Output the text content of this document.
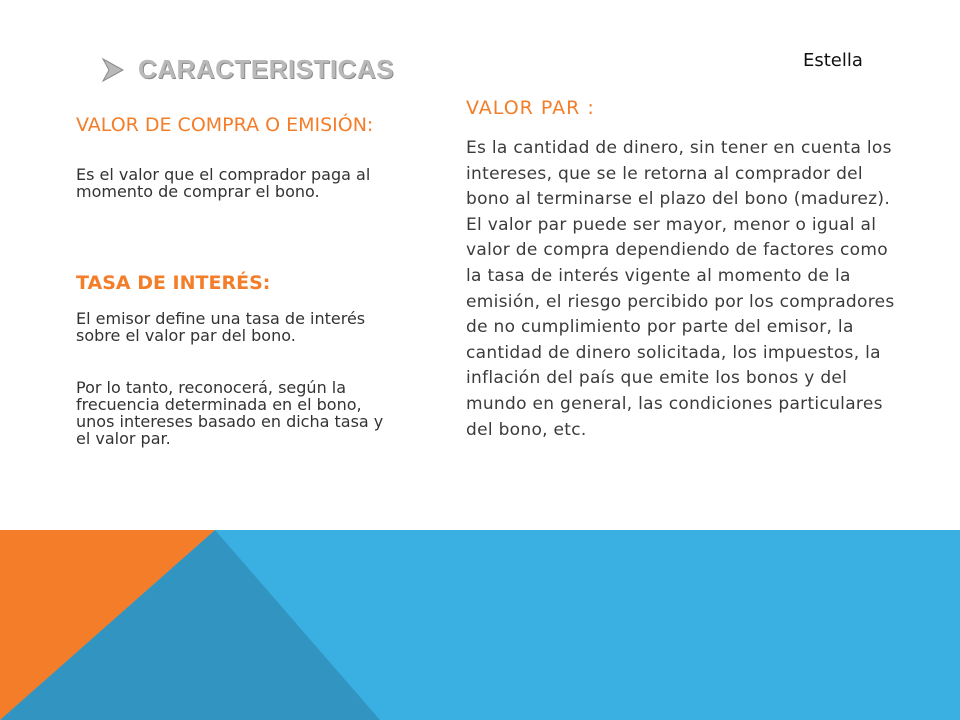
CARACTERISTICAS	Estella
VALOR DE COMPRA O EMISIÓN:
Es el valor que el comprador paga al momento de comprar el bono.
TASA DE INTERÉS:
El emisor define una tasa de interés sobre el valor par del bono.
Por lo tanto, reconocerá, según la frecuencia determinada en el bono, unos intereses basado en dicha tasa y el valor par.
VALOR PAR :
Es la cantidad de dinero, sin tener en cuenta los intereses, que se le retorna al comprador del bono al terminarse el plazo del bono (madurez). El valor par puede ser mayor, menor o igual al valor de compra dependiendo de factores como la tasa de interés vigente al momento de la emisión, el riesgo percibido por los compradores de no cumplimiento por parte del emisor, la cantidad de dinero solicitada, los impuestos, la inflación del país que emite los bonos y del mundo en general, las condiciones particulares del bono, etc.
